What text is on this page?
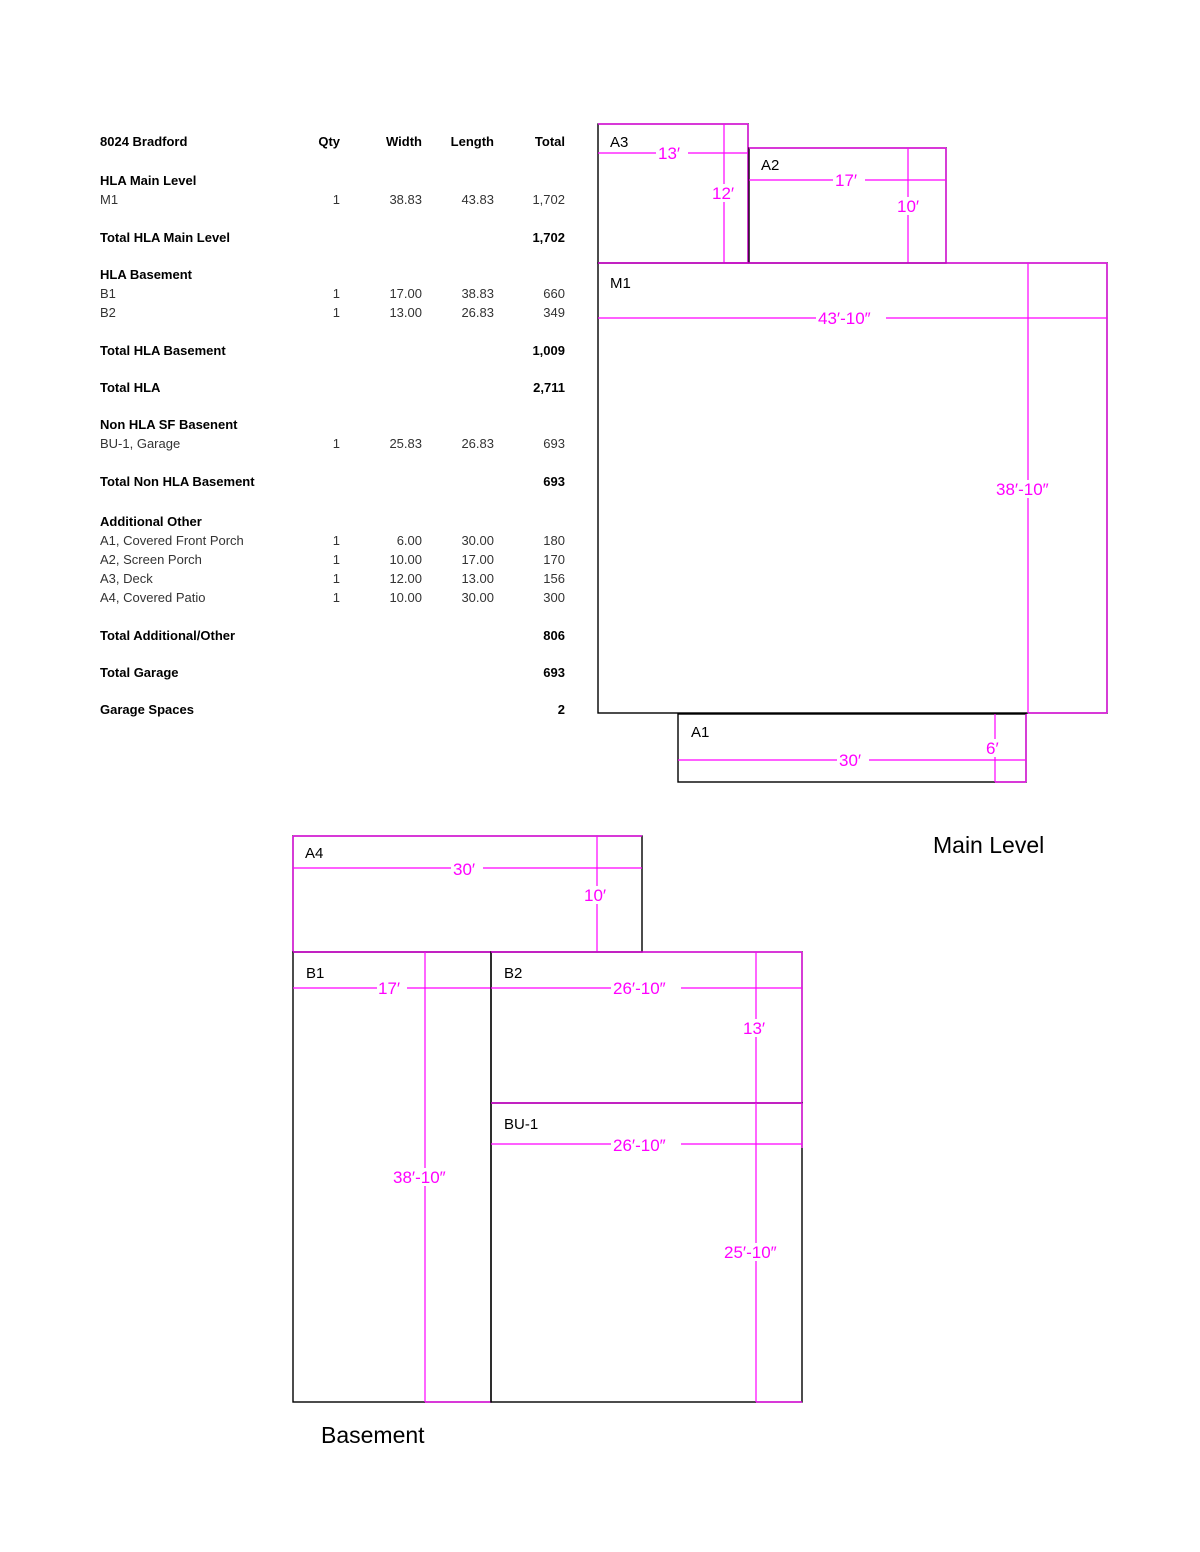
8024 Bradford	Qty	Width	Length	Total
HLA Main Level
M1	1	38.83	43.83	1,702
Total HLA Main Level	1,702
HLA Basement
B1	1	17.00	38.83	660
B2	1	13.00	26.83	349
Total HLA Basement	1,009
Total HLA	2,711
Non HLA SF Basenent
BU-1, Garage	1	25.83	26.83	693
Total Non HLA Basement	693
Additional Other
A1, Covered Front Porch	1	6.00	30.00	180
A2, Screen Porch	1	10.00	17.00	170
A3, Deck	1	12.00	13.00	156
A4, Covered Patio	1	10.00	30.00	300
Total Additional/Other	806
Total Garage	693
Garage Spaces	2
A3
13′
12′
A2
17′
10′
M1
43′-10″
38′-10″
A1
30′
6′
Main Level
A4
30′
10′
B1
17′
38′-10″
B2
26′-10″
13′
BU-1
26′-10″
25′-10″
Basement
